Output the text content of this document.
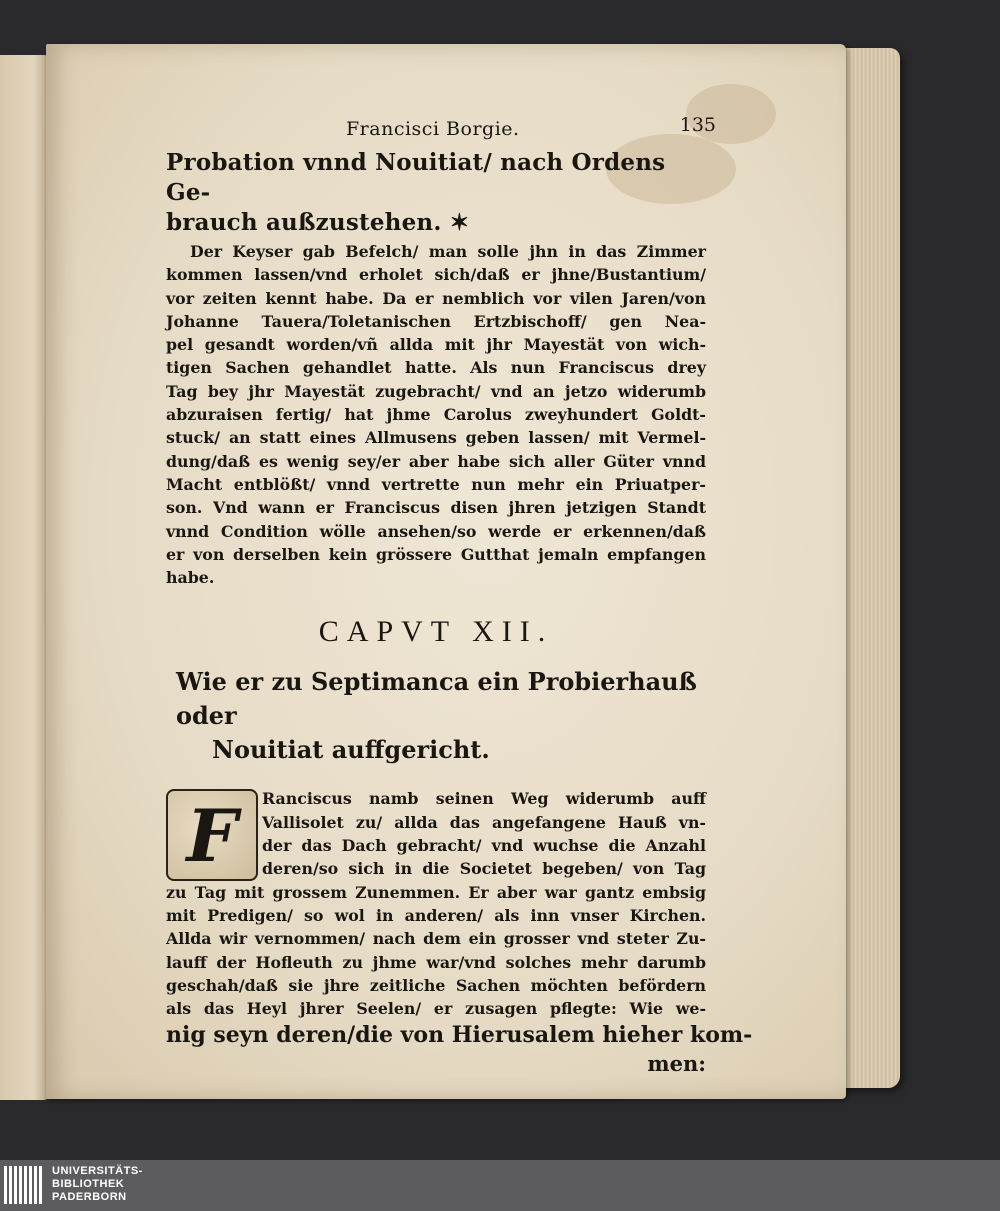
Francisci Borgie.	135

Probation vnnd Nouitiat/ nach Ordens Ge-

brauch außzustehen. ✶

Der Keyser gab Befelch/ man solle jhn in das Zimmer
kommen lassen/vnd erholet sich/daß er jhne/Bustantium/
vor zeiten kennt habe. Da er nemblich vor vilen Jaren/von
Johanne Tauera/Toletanischen Ertzbischoff/ gen Nea-
pel gesandt worden/vñ allda mit jhr Mayestät von wich-
tigen Sachen gehandlet hatte. Als nun Franciscus drey
Tag bey jhr Mayestät zugebracht/ vnd an jetzo widerumb
abzuraisen fertig/ hat jhme Carolus zweyhundert Goldt-
stuck/ an statt eines Allmusens geben lassen/ mit Vermel-
dung/daß es wenig sey/er aber habe sich aller Güter vnnd
Macht entblößt/ vnnd vertrette nun mehr ein Priuatper-
son. Vnd wann er Franciscus disen jhren jetzigen Standt
vnnd Condition wölle ansehen/so werde er erkennen/daß
er von derselben kein grössere Gutthat jemaln empfangen
habe.
CAPVT XII.
Wie er zu Septimanca ein Probierhauß oder
Nouitiat auffgericht.
F	Ranciscus namb seinen Weg widerumb auff
Vallisolet zu/ allda das angefangene Hauß vn-
der das Dach gebracht/ vnd wuchse die Anzahl
deren/so sich in die Societet begeben/ von Tag
zu Tag mit grossem Zunemmen. Er aber war gantz embsig
mit Predigen/ so wol in anderen/ als inn vnser Kirchen.
Allda wir vernommen/ nach dem ein grosser vnd steter Zu-
lauff der Hofleuth zu jhme war/vnd solches mehr darumb
geschah/daß sie jhre zeitliche Sachen möchten befördern
als das Heyl jhrer Seelen/ er zusagen pflegte: Wie we-
nig seyn deren/die von Hierusalem hieher kom-
men:
UNIVERSITÄTS-
BIBLIOTHEK
PADERBORN
